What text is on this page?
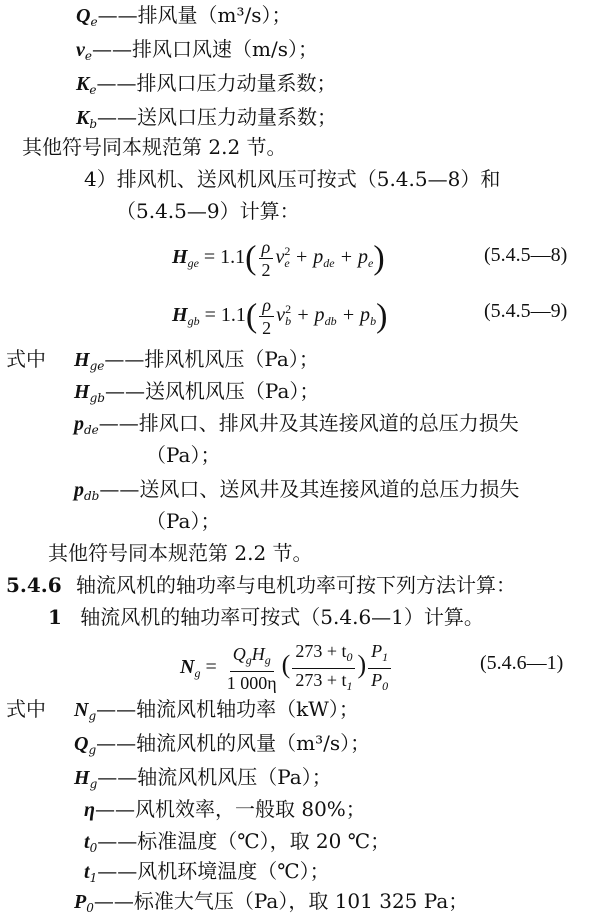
$Q_e——$排风量（m³/s）；
$v_e——$排风口风速（m/s）；
$K_e——$排风口压力动量系数；
$K_b——$送风口压力动量系数；
其他符号同本规范第 2.2 节。
4）排风机、送风机风压可按式（5.4.5—8）和
（5.4.5—9）计算：
$H_{ge} = 1.1( \frac{\rho}{2} v^2_e + p_{de} + p_e)$	(5.4.5—8)
$H_{gb} = 1.1( \frac{\rho}{2} v^2_b + p_{db} + p_b)$	(5.4.5—9)
式中 $H_{ge}——$排风机风压（Pa）；
$H_{gb}——$送风机风压（Pa）；
$p_{de}——$排风口、排风井及其连接风道的总压力损失
（Pa）；
$p_{db}——$送风口、送风井及其连接风道的总压力损失
（Pa）；
其他符号同本规范第 2.2 节。
5.4.6 轴流风机的轴功率与电机功率可按下列方法计算：
1 轴流风机的轴功率可按式（5.4.6—1）计算。
$N_g = \frac{Q_gH_g}{1 000\eta}$ ( $\frac{273 + t_0}{273 + t_1}$ ) $\frac{P_1}{P_0}$	(5.4.6—1)
式中 $N_g——$轴流风机轴功率（kW）；
$Q_g——$轴流风机的风量（m³/s）；
$H_g——$轴流风机风压（Pa）；
η——风机效率，一般取 80%；
$t_0——$标准温度（℃），取 20 ℃；
$t_1——$风机环境温度（℃）；
$P_0——$标准大气压（Pa），取 101 325 Pa；
